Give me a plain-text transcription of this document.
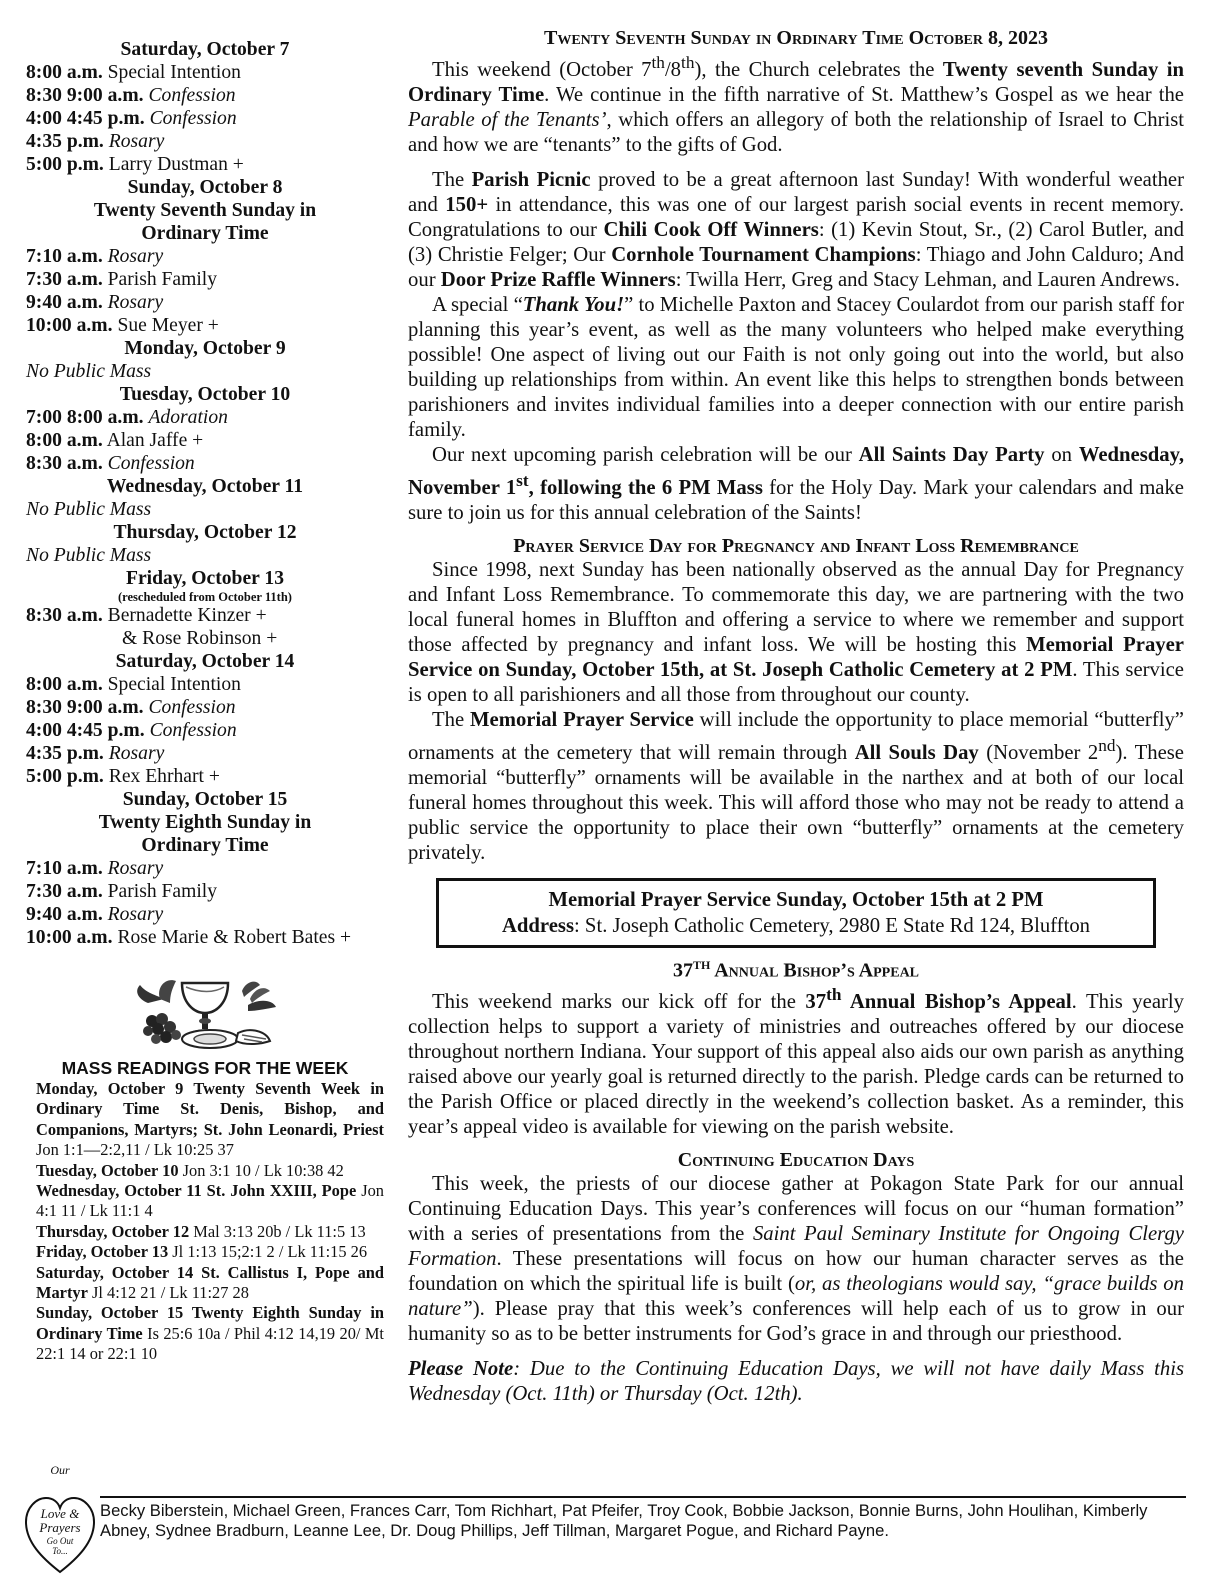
Saturday, October 7
8:00 a.m. Special Intention
8:30 9:00 a.m. Confession
4:00 4:45 p.m. Confession
4:35 p.m. Rosary
5:00 p.m. Larry Dustman +
Sunday, October 8
Twenty Seventh Sunday in
Ordinary Time
7:10 a.m. Rosary
7:30 a.m. Parish Family
9:40 a.m. Rosary
10:00 a.m. Sue Meyer +
Monday, October 9
No Public Mass
Tuesday, October 10
7:00 8:00 a.m. Adoration
8:00 a.m. Alan Jaffe +
8:30 a.m. Confession
Wednesday, October 11
No Public Mass
Thursday, October 12
No Public Mass
Friday, October 13
(rescheduled from October 11th)
8:30 a.m. Bernadette Kinzer +
& Rose Robinson +
Saturday, October 14
8:00 a.m. Special Intention
8:30 9:00 a.m. Confession
4:00 4:45 p.m. Confession
4:35 p.m. Rosary
5:00 p.m. Rex Ehrhart +
Sunday, October 15
Twenty Eighth Sunday in
Ordinary Time
7:10 a.m. Rosary
7:30 a.m. Parish Family
9:40 a.m. Rosary
10:00 a.m. Rose Marie & Robert Bates +
MASS READINGS FOR THE WEEK

Monday, October 9 Twenty Seventh Week in Ordinary Time St. Denis, Bishop, and Companions, Martyrs; St. John Leonardi, Priest Jon 1:1—2:2,11 / Lk 10:25 37

Tuesday, October 10 Jon 3:1 10 / Lk 10:38 42

Wednesday, October 11 St. John XXIII, Pope Jon 4:1 11 / Lk 11:1 4

Thursday, October 12 Mal 3:13 20b / Lk 11:5 13

Friday, October 13 Jl 1:13 15;2:1 2 / Lk 11:15 26

Saturday, October 14 St. Callistus I, Pope and Martyr Jl 4:12 21 / Lk 11:27 28

Sunday, October 15 Twenty Eighth Sunday in Ordinary Time Is 25:6 10a / Phil 4:12 14,19 20/ Mt 22:1 14 or 22:1 10

Twenty Seventh Sunday in Ordinary Time October 8, 2023

This weekend (October 7th/8th), the Church celebrates the Twenty seventh Sunday in Ordinary Time. We continue in the fifth narrative of St. Matthew’s Gospel as we hear the Parable of the Tenants’, which offers an allegory of both the relationship of Israel to Christ and how we are “tenants” to the gifts of God.

The Parish Picnic proved to be a great afternoon last Sunday! With wonderful weather and 150+ in attendance, this was one of our largest parish social events in recent memory. Congratulations to our Chili Cook Off Winners: (1) Kevin Stout, Sr., (2) Carol Butler, and (3) Christie Felger; Our Cornhole Tournament Champions: Thiago and John Calduro; And our Door Prize Raffle Winners: Twilla Herr, Greg and Stacy Lehman, and Lauren Andrews.

A special “Thank You!” to Michelle Paxton and Stacey Coulardot from our parish staff for planning this year’s event, as well as the many volunteers who helped make everything possible! One aspect of living out our Faith is not only going out into the world, but also building up relationships from within. An event like this helps to strengthen bonds between parishioners and invites individual families into a deeper connection with our entire parish family.

Our next upcoming parish celebration will be our All Saints Day Party on Wednesday, November 1st, following the 6 PM Mass for the Holy Day. Mark your calendars and make sure to join us for this annual celebration of the Saints!

Prayer Service Day for Pregnancy and Infant Loss Remembrance

Since 1998, next Sunday has been nationally observed as the annual Day for Pregnancy and Infant Loss Remembrance. To commemorate this day, we are partnering with the two local funeral homes in Bluffton and offering a service to where we remember and support those affected by pregnancy and infant loss. We will be hosting this Memorial Prayer Service on Sunday, October 15th, at St. Joseph Catholic Cemetery at 2 PM. This service is open to all parishioners and all those from throughout our county.

The Memorial Prayer Service will include the opportunity to place memorial “butterfly” ornaments at the cemetery that will remain through All Souls Day (November 2nd). These memorial “butterfly” ornaments will be available in the narthex and at both of our local funeral homes throughout this week. This will afford those who may not be ready to attend a public service the opportunity to place their own “butterfly” ornaments at the cemetery privately.

Memorial Prayer Service Sunday, October 15th at 2 PM

Address: St. Joseph Catholic Cemetery, 2980 E State Rd 124, Bluffton

37th Annual Bishop’s Appeal

This weekend marks our kick off for the 37th Annual Bishop’s Appeal. This yearly collection helps to support a variety of ministries and outreaches offered by our diocese throughout northern Indiana. Your support of this appeal also aids our own parish as anything raised above our yearly goal is returned directly to the parish. Pledge cards can be returned to the Parish Office or placed directly in the weekend’s collection basket. As a reminder, this year’s appeal video is available for viewing on the parish website.

Continuing Education Days

This week, the priests of our diocese gather at Pokagon State Park for our annual Continuing Education Days. This year’s conferences will focus on our “human formation” with a series of presentations from the Saint Paul Seminary Institute for Ongoing Clergy Formation. These presentations will focus on how our human character serves as the foundation on which the spiritual life is built (or, as theologians would say, “grace builds on nature”). Please pray that this week’s conferences will help each of us to grow in our humanity so as to be better instruments for God’s grace in and through our priesthood.

Please Note: Due to the Continuing Education Days, we will not have daily Mass this Wednesday (Oct. 11th) or Thursday (Oct. 12th).

Our
Love &
Prayers
Go Out
To...
Becky Biberstein, Michael Green, Frances Carr, Tom Richhart, Pat Pfeifer, Troy Cook, Bobbie Jackson, Bonnie Burns, John Houlihan, Kimberly Abney, Sydnee Bradburn, Leanne Lee, Dr. Doug Phillips, Jeff Tillman, Margaret Pogue, and Richard Payne.
